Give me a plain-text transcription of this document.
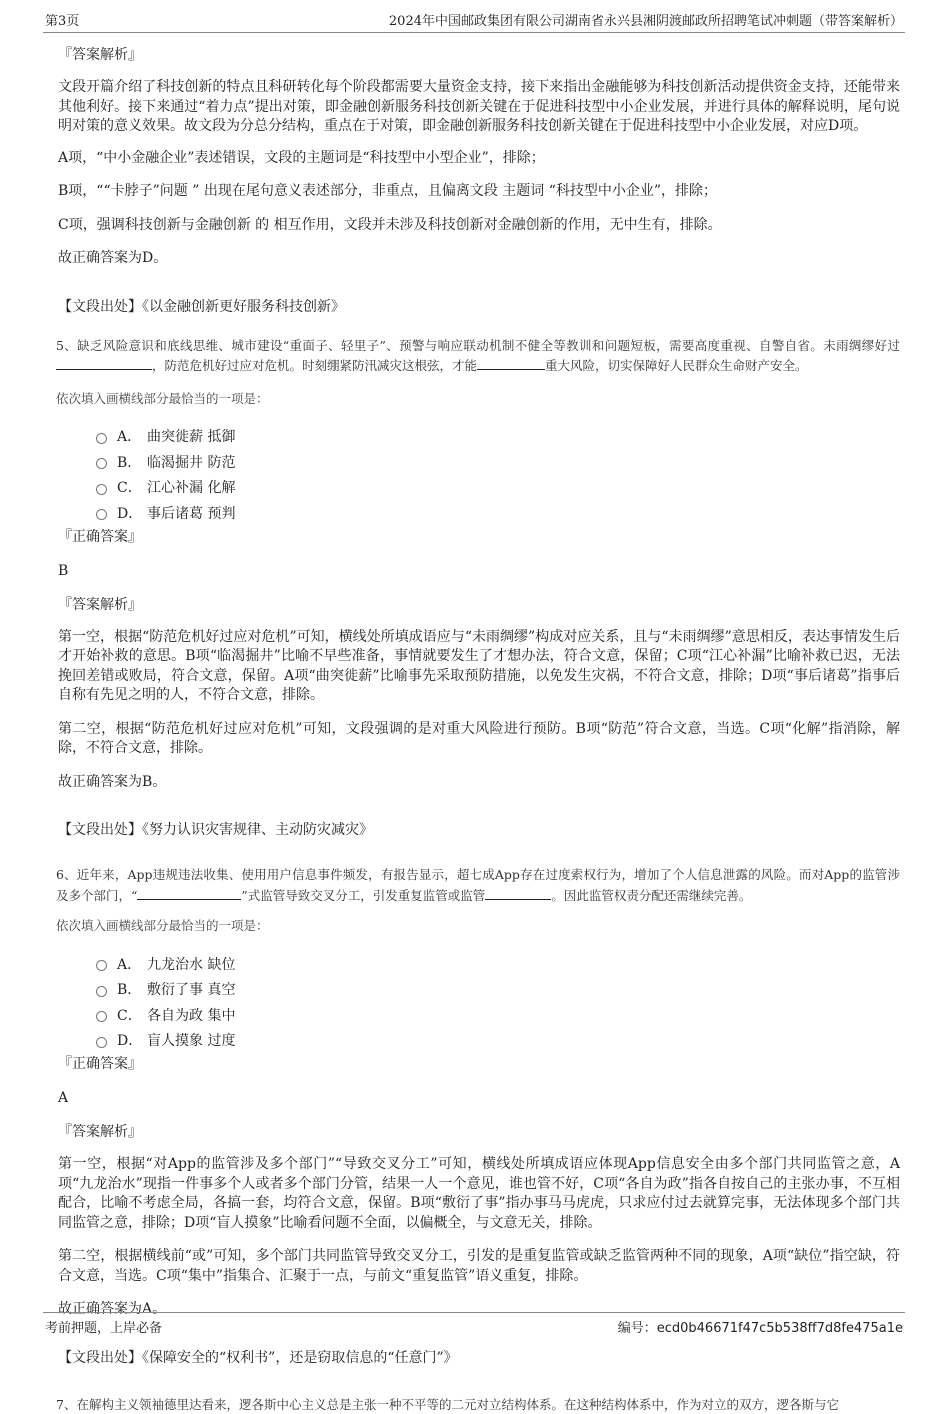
第3页	2024年中国邮政集团有限公司湖南省永兴县湘阴渡邮政所招聘笔试冲刺题（带答案解析）

『答案解析』

文段开篇介绍了科技创新的特点且科研转化每个阶段都需要大量资金支持，接下来指出金融能够为科技创新活动提供资金支持，还能带来其他利好。接下来通过“着力点”提出对策，即金融创新服务科技创新关键在于促进科技型中小企业发展，并进行具体的解释说明，尾句说明对策的意义效果。故文段为分总分结构，重点在于对策，即金融创新服务科技创新关键在于促进科技型中小企业发展，对应D项。

A项，“中小金融企业”表述错误，文段的主题词是“科技型中小型企业”，排除；

B项，““卡脖子”问题 ” 出现在尾句意义表述部分，非重点，且偏离文段 主题词 “科技型中小企业”，排除；

C项，强调科技创新与金融创新 的 相互作用，文段并未涉及科技创新对金融创新的作用，无中生有，排除。

故正确答案为D。

【文段出处】《以金融创新更好服务科技创新》

5、缺乏风险意识和底线思维、城市建设“重面子、轻里子”、预警与响应联动机制不健全等教训和问题短板，需要高度重视、自警自省。未雨绸缪好过，防范危机好过应对危机。时刻绷紧防汛减灾这根弦，才能	重大风险，切实保障好人民群众生命财产安全。

依次填入画横线部分最恰当的一项是：

A． 曲突徙薪 抵御
B． 临渴掘井 防范
C． 江心补漏 化解
D． 事后诸葛 预判

『正确答案』

B

『答案解析』

第一空，根据“防范危机好过应对危机”可知，横线处所填成语应与“未雨绸缪”构成对应关系，且与“未雨绸缪”意思相反，表达事情发生后才开始补救的意思。B项“临渴掘井”比喻不早些准备，事情就要发生了才想办法，符合文意，保留；C项“江心补漏”比喻补救已迟，无法挽回差错或败局，符合文意，保留。A项“曲突徙薪”比喻事先采取预防措施，以免发生灾祸，不符合文意，排除；D项“事后诸葛”指事后自称有先见之明的人，不符合文意，排除。

第二空，根据“防范危机好过应对危机”可知，文段强调的是对重大风险进行预防。B项“防范”符合文意，当选。C项“化解”指消除，解除，不符合文意，排除。

故正确答案为B。

【文段出处】《努力认识灾害规律、主动防灾减灾》

6、近年来，App违规违法收集、使用用户信息事件频发，有报告显示，超七成App存在过度索权行为，增加了个人信息泄露的风险。而对App的监管涉及多个部门，“	”式监管导致交叉分工，引发重复监管或监管	。因此监管权责分配还需继续完善。

依次填入画横线部分最恰当的一项是：

A． 九龙治水 缺位
B． 敷衍了事 真空
C． 各自为政 集中
D． 盲人摸象 过度

『正确答案』

A

『答案解析』

第一空，根据“对App的监管涉及多个部门”“导致交叉分工”可知，横线处所填成语应体现App信息安全由多个部门共同监管之意，A项“九龙治水”现指一件事多个人或者多个部门分管，结果一人一个意见，谁也管不好，C项“各自为政”指各自按自己的主张办事，不互相配合，比喻不考虑全局，各搞一套，均符合文意，保留。B项“敷衍了事”指办事马马虎虎，只求应付过去就算完事，无法体现多个部门共同监管之意，排除；D项“盲人摸象”比喻看问题不全面，以偏概全，与文意无关，排除。

第二空，根据横线前“或”可知，多个部门共同监管导致交叉分工，引发的是重复监管或缺乏监管两种不同的现象，A项“缺位”指空缺，符合文意，当选。C项“集中”指集合、汇聚于一点，与前文“重复监管”语义重复，排除。

故正确答案为A。

【文段出处】《保障安全的“权利书”，还是窃取信息的“任意门”》

7、在解构主义领袖德里达看来，逻各斯中心主义总是主张一种不平等的二元对立结构体系。在这种结构体系中，作为对立的双方，逻各斯与它

考前押题，上岸必备	编号：ecd0b46671f47c5b538ff7d8fe475a1e
